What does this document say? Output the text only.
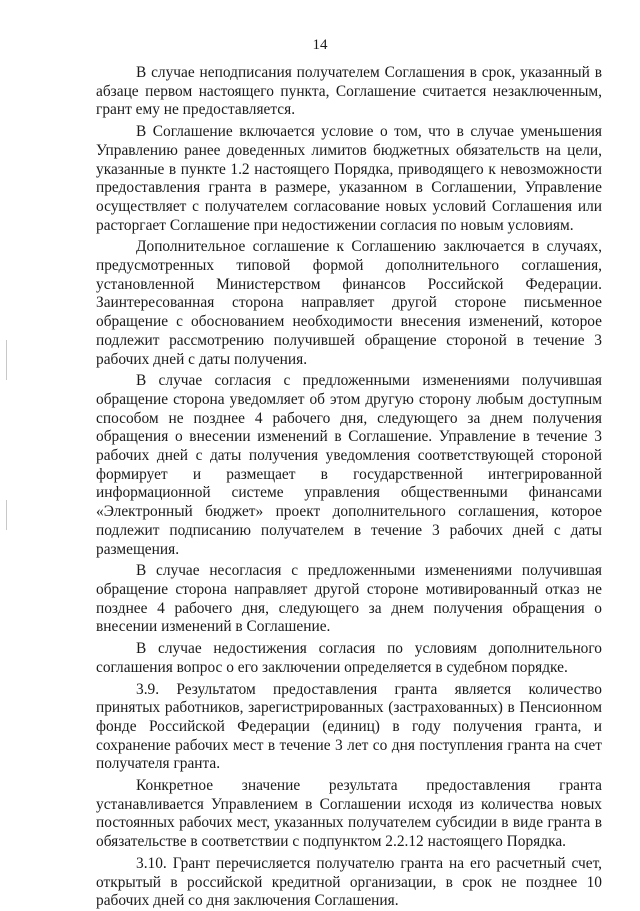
14

В случае неподписания получателем Соглашения в срок, указанный в абзаце первом настоящего пункта, Соглашение считается незаключенным, грант ему не предоставляется.

В Соглашение включается условие о том, что в случае уменьшения Управлению ранее доведенных лимитов бюджетных обязательств на цели, указанные в пункте 1.2 настоящего Порядка, приводящего к невозможности предоставления гранта в размере, указанном в Соглашении, Управление осуществляет с получателем согласование новых условий Соглашения или расторгает Соглашение при недостижении согласия по новым условиям.

Дополнительное соглашение к Соглашению заключается в случаях, предусмотренных типовой формой дополнительного соглашения, установленной Министерством финансов Российской Федерации. Заинтересованная сторона направляет другой стороне письменное обращение с обоснованием необходимости внесения изменений, которое подлежит рассмотрению получившей обращение стороной в течение 3 рабочих дней с даты получения.

В случае согласия с предложенными изменениями получившая обращение сторона уведомляет об этом другую сторону любым доступным способом не позднее 4 рабочего дня, следующего за днем получения обращения о внесении изменений в Соглашение. Управление в течение 3 рабочих дней с даты получения уведомления соответствующей стороной формирует и размещает в государственной интегрированной информационной системе управления общественными финансами «Электронный бюджет» проект дополнительного соглашения, которое подлежит подписанию получателем в течение 3 рабочих дней с даты размещения.

В случае несогласия с предложенными изменениями получившая обращение сторона направляет другой стороне мотивированный отказ не позднее 4 рабочего дня, следующего за днем получения обращения о внесении изменений в Соглашение.

В случае недостижения согласия по условиям дополнительного соглашения вопрос о его заключении определяется в судебном порядке.

3.9. Результатом предоставления гранта является количество принятых работников, зарегистрированных (застрахованных) в Пенсионном фонде Российской Федерации (единиц) в году получения гранта, и сохранение рабочих мест в течение 3 лет со дня поступления гранта на счет получателя гранта.

Конкретное значение результата предоставления гранта устанавливается Управлением в Соглашении исходя из количества новых постоянных рабочих мест, указанных получателем субсидии в виде гранта в обязательстве в соответствии с подпунктом 2.2.12 настоящего Порядка.

3.10. Грант перечисляется получателю гранта на его расчетный счет, открытый в российской кредитной организации, в срок не позднее 10 рабочих дней со дня заключения Соглашения.
